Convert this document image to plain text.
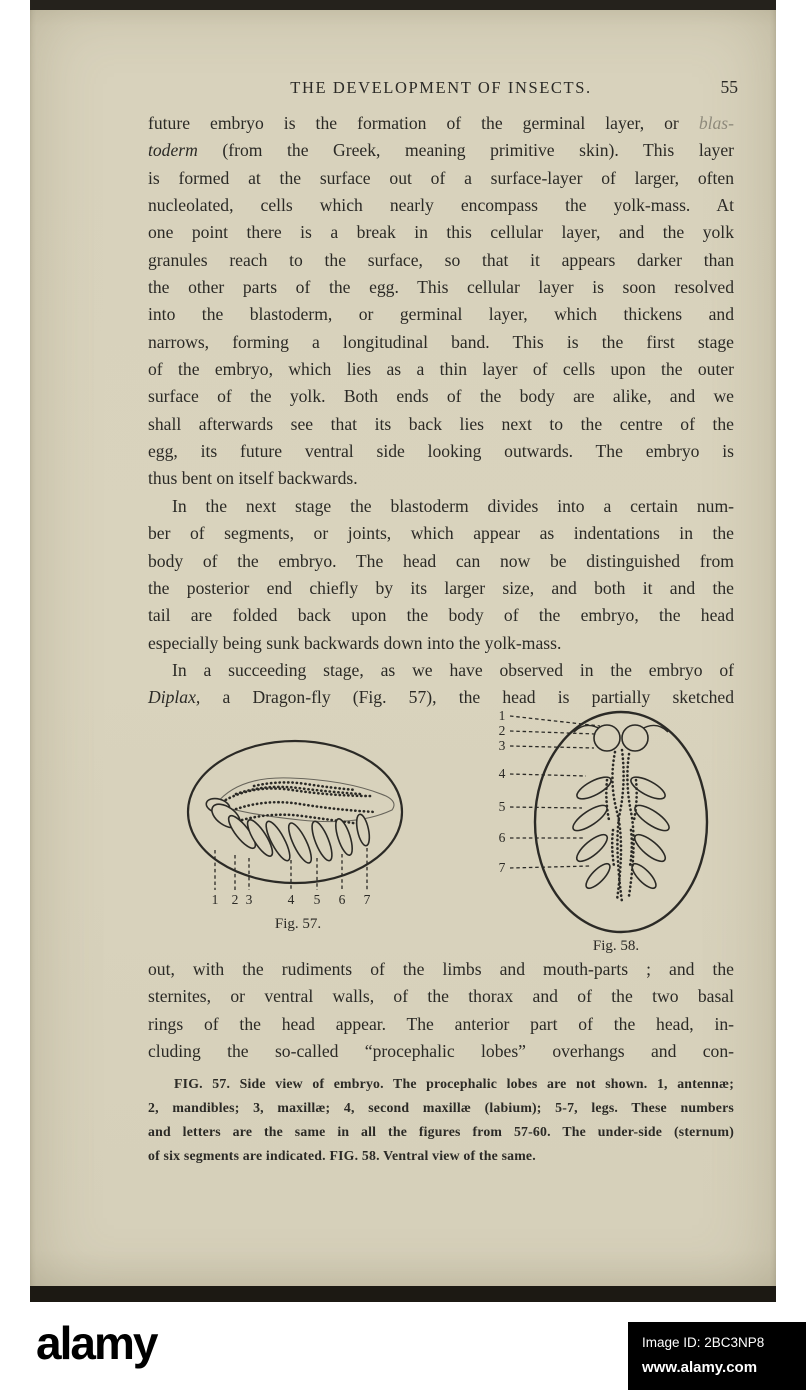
THE DEVELOPMENT OF INSECTS.	55
future embryo is the formation of the germinal layer, or blas-
toderm (from the Greek, meaning primitive skin). This layer
is formed at the surface out of a surface-layer of larger, often
nucleolated, cells which nearly encompass the yolk-mass. At
one point there is a break in this cellular layer, and the yolk
granules reach to the surface, so that it appears darker than
the other parts of the egg. This cellular layer is soon resolved
into the blastoderm, or germinal layer, which thickens and
narrows, forming a longitudinal band. This is the first stage
of the embryo, which lies as a thin layer of cells upon the outer
surface of the yolk. Both ends of the body are alike, and we
shall afterwards see that its back lies next to the centre of the
egg, its future ventral side looking outwards. The embryo is
thus bent on itself backwards.
In the next stage the blastoderm divides into a certain num-
ber of segments, or joints, which appear as indentations in the
body of the embryo. The head can now be distinguished from
the posterior end chiefly by its larger size, and both it and the
tail are folded back upon the body of the embryo, the head
especially being sunk backwards down into the yolk-mass.
In a succeeding stage, as we have observed in the embryo of
Diplax, a Dragon-fly (Fig. 57), the head is partially sketched
1 2 3	4 5 6 7
Fig. 57.
1
2
3
4
5
6
7
Fig. 58.
out, with the rudiments of the limbs and mouth-parts ; and the
sternites, or ventral walls, of the thorax and of the two basal
rings of the head appear. The anterior part of the head, in-
cluding the so-called “procephalic lobes” overhangs and con-
FIG. 57. Side view of embryo. The procephalic lobes are not shown. 1, antennæ;
2, mandibles; 3, maxillæ; 4, second maxillæ (labium); 5-7, legs. These numbers
and letters are the same in all the figures from 57-60. The under-side (sternum)
of six segments are indicated. FIG. 58. Ventral view of the same.
alamy	Image ID: 2BC3NP8
www.alamy.com
